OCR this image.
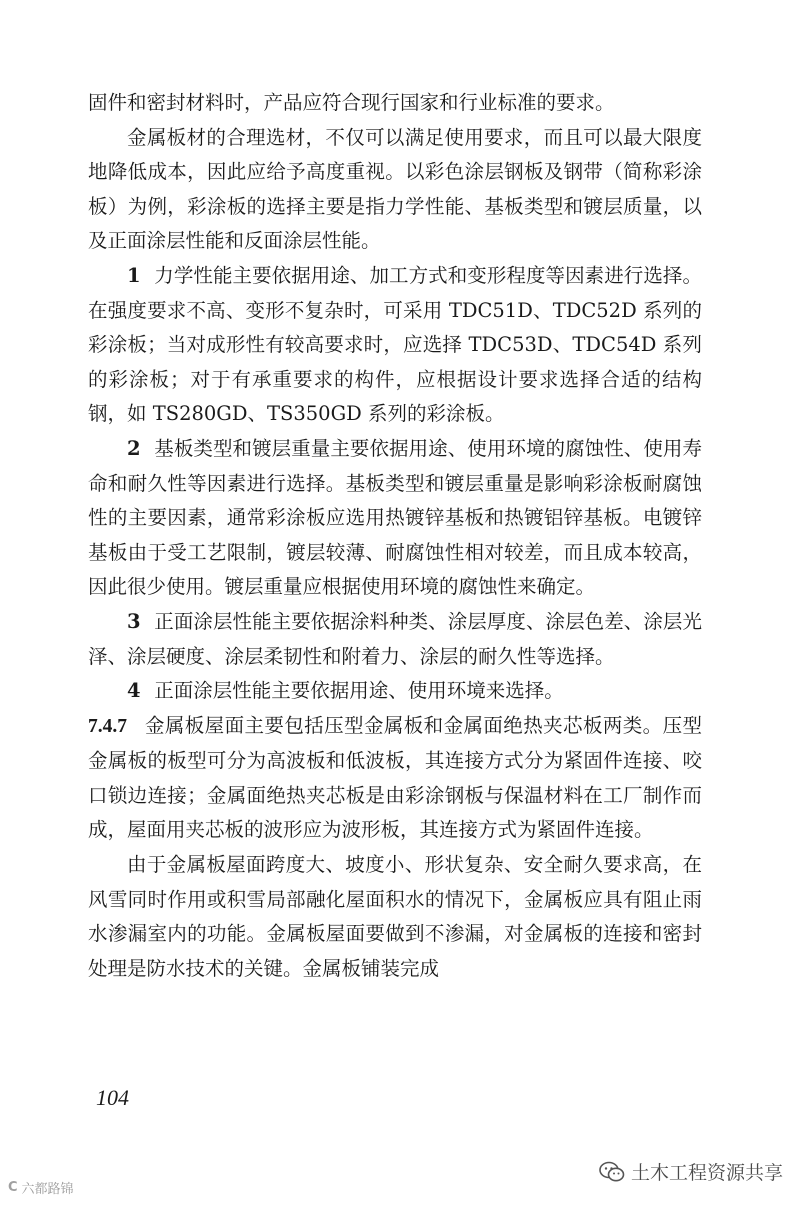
固件和密封材料时，产品应符合现行国家和行业标准的要求。

金属板材的合理选材，不仅可以满足使用要求，而且可以最大限度地降低成本，因此应给予高度重视。以彩色涂层钢板及钢带（简称彩涂板）为例，彩涂板的选择主要是指力学性能、基板类型和镀层质量，以及正面涂层性能和反面涂层性能。

1 力学性能主要依据用途、加工方式和变形程度等因素进行选择。在强度要求不高、变形不复杂时，可采用 TDC51D、TDC52D 系列的彩涂板；当对成形性有较高要求时，应选择 TDC53D、TDC54D 系列的彩涂板；对于有承重要求的构件，应根据设计要求选择合适的结构钢，如 TS280GD、TS350GD 系列的彩涂板。

2 基板类型和镀层重量主要依据用途、使用环境的腐蚀性、使用寿命和耐久性等因素进行选择。基板类型和镀层重量是影响彩涂板耐腐蚀性的主要因素，通常彩涂板应选用热镀锌基板和热镀铝锌基板。电镀锌基板由于受工艺限制，镀层较薄、耐腐蚀性相对较差，而且成本较高，因此很少使用。镀层重量应根据使用环境的腐蚀性来确定。

3 正面涂层性能主要依据涂料种类、涂层厚度、涂层色差、涂层光泽、涂层硬度、涂层柔韧性和附着力、涂层的耐久性等选择。

4 正面涂层性能主要依据用途、使用环境来选择。

7.4.7 金属板屋面主要包括压型金属板和金属面绝热夹芯板两类。压型金属板的板型可分为高波板和低波板，其连接方式分为紧固件连接、咬口锁边连接；金属面绝热夹芯板是由彩涂钢板与保温材料在工厂制作而成，屋面用夹芯板的波形应为波形板，其连接方式为紧固件连接。

由于金属板屋面跨度大、坡度小、形状复杂、安全耐久要求高，在风雪同时作用或积雪局部融化屋面积水的情况下，金属板应具有阻止雨水渗漏室内的功能。金属板屋面要做到不渗漏，对金属板的连接和密封处理是防水技术的关键。金属板铺装完成

104
C 六都路锦
土木工程资源共享
